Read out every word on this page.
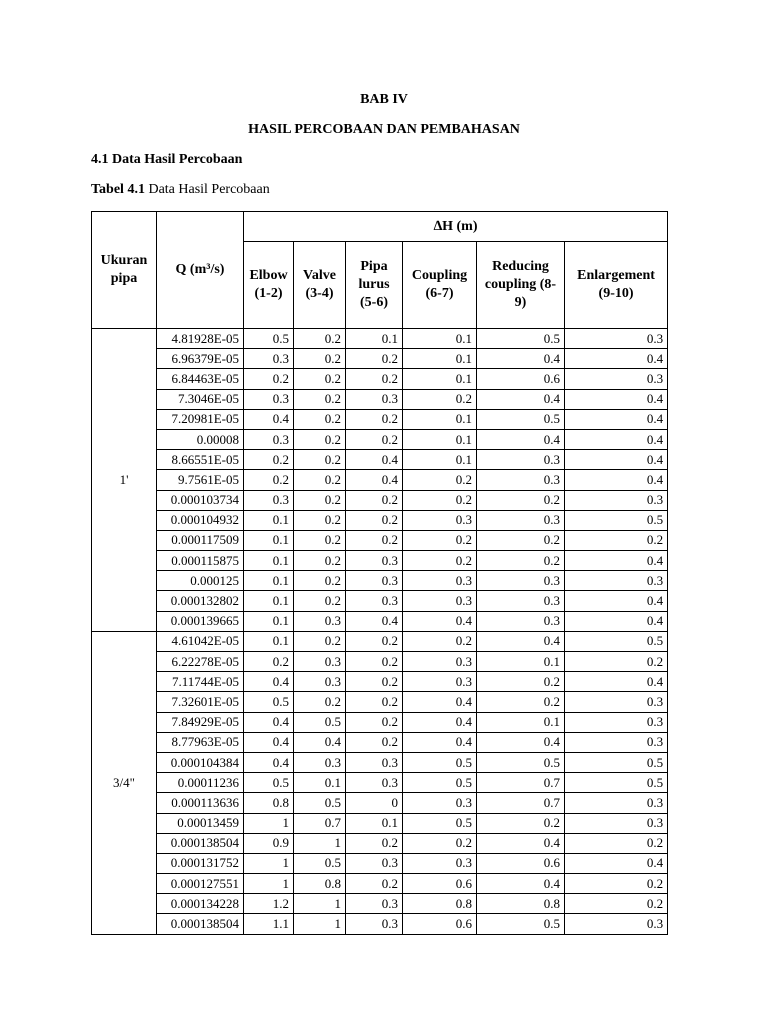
BAB IV
HASIL PERCOBAAN DAN PEMBAHASAN
4.1 Data Hasil Percobaan

Tabel 4.1 Data Hasil Percobaan

Ukuran pipa	Q (m³/s)	∆H (m)					
		Elbow (1-2)	Valve (3-4)	Pipa lurus (5-6)	Coupling (6-7)	Reducing coupling (8-9)	Enlargement (9-10)
1'	4.81928E-05	0.5	0.2	0.1	0.1	0.5	0.3
	6.96379E-05	0.3	0.2	0.2	0.1	0.4	0.4
	6.84463E-05	0.2	0.2	0.2	0.1	0.6	0.3
	7.3046E-05	0.3	0.2	0.3	0.2	0.4	0.4
	7.20981E-05	0.4	0.2	0.2	0.1	0.5	0.4
	0.00008	0.3	0.2	0.2	0.1	0.4	0.4
	8.66551E-05	0.2	0.2	0.4	0.1	0.3	0.4
	9.7561E-05	0.2	0.2	0.4	0.2	0.3	0.4
	0.000103734	0.3	0.2	0.2	0.2	0.2	0.3
	0.000104932	0.1	0.2	0.2	0.3	0.3	0.5
	0.000117509	0.1	0.2	0.2	0.2	0.2	0.2
	0.000115875	0.1	0.2	0.3	0.2	0.2	0.4
	0.000125	0.1	0.2	0.3	0.3	0.3	0.3
	0.000132802	0.1	0.2	0.3	0.3	0.3	0.4
	0.000139665	0.1	0.3	0.4	0.4	0.3	0.4
3/4"	4.61042E-05	0.1	0.2	0.2	0.2	0.4	0.5
	6.22278E-05	0.2	0.3	0.2	0.3	0.1	0.2
	7.11744E-05	0.4	0.3	0.2	0.3	0.2	0.4
	7.32601E-05	0.5	0.2	0.2	0.4	0.2	0.3
	7.84929E-05	0.4	0.5	0.2	0.4	0.1	0.3
	8.77963E-05	0.4	0.4	0.2	0.4	0.4	0.3
	0.000104384	0.4	0.3	0.3	0.5	0.5	0.5
	0.00011236	0.5	0.1	0.3	0.5	0.7	0.5
	0.000113636	0.8	0.5	0	0.3	0.7	0.3
	0.00013459	1	0.7	0.1	0.5	0.2	0.3
	0.000138504	0.9	1	0.2	0.2	0.4	0.2
	0.000131752	1	0.5	0.3	0.3	0.6	0.4
	0.000127551	1	0.8	0.2	0.6	0.4	0.2
	0.000134228	1.2	1	0.3	0.8	0.8	0.2
	0.000138504	1.1	1	0.3	0.6	0.5	0.3
